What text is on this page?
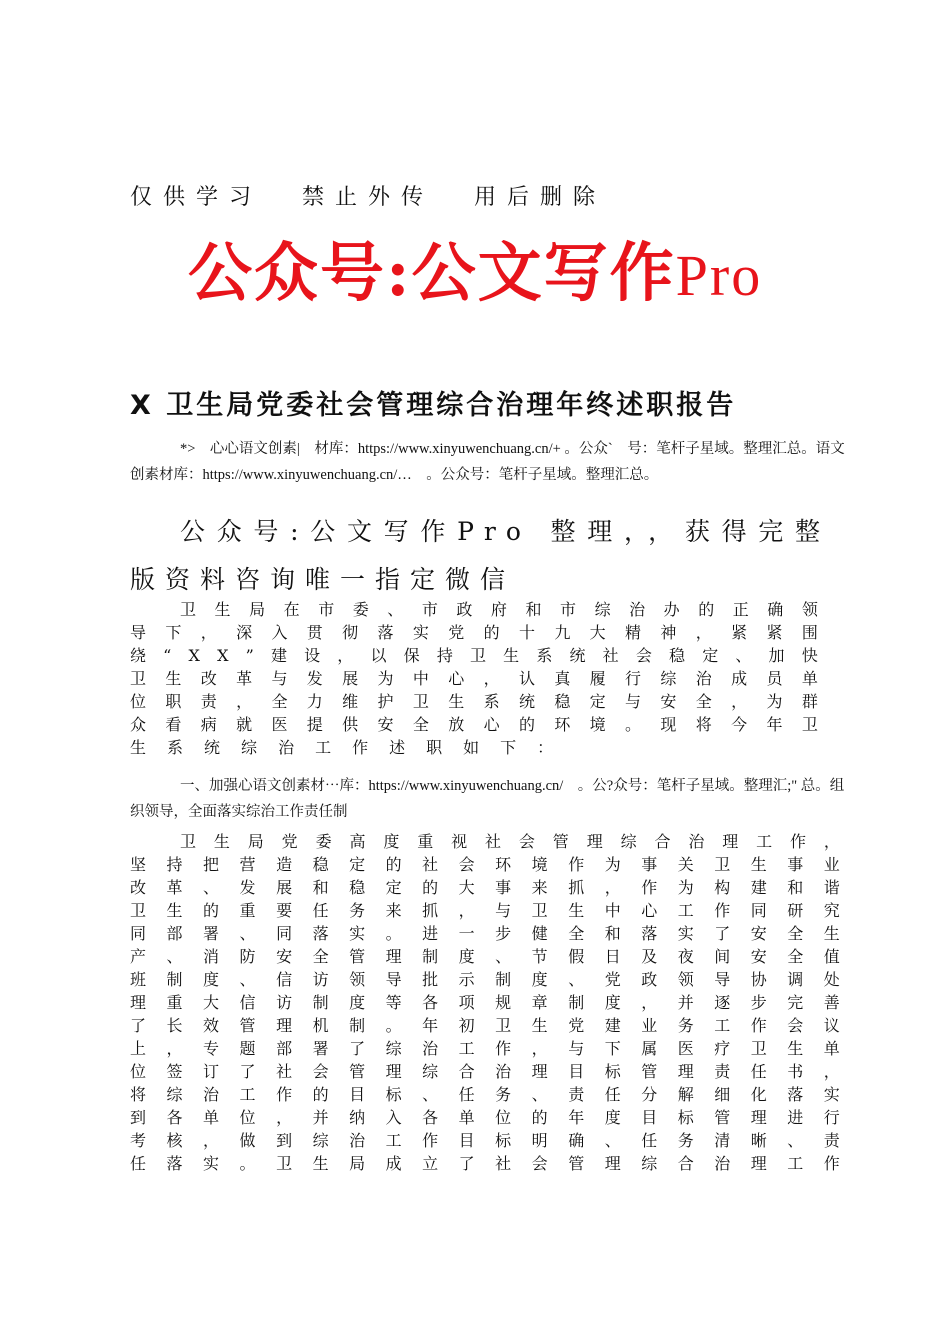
仅供学习 禁止外传 用后删除
公众号:公文写作Pro
X 卫生局党委社会管理综合治理年终述职报告
*>　心心语文创素|　材库：https://www.xinyuwenchuang.cn/+ 。公众`　号：笔杆子星域。整理汇总。语文创素材库：https://www.xinyuwenchuang.cn/…　。公众号：笔杆子星域。整理汇总。
公众号:公文写作Pro 整理，，获得完整版资料咨询唯一指定微信
卫 生 局 在 市 委 、 市 政 府 和 市 综 治 办 的 正 确 领
导 下 ， 深 入 贯 彻 落 实 党 的 十 九 大 精 神 ， 紧 紧 围
绕 “ X X ” 建 设 ， 以 保 持 卫 生 系 统 社 会 稳 定 、 加 快
卫 生 改 革 与 发 展 为 中 心 ， 认 真 履 行 综 治 成 员 单
位 职 责 ， 全 力 维 护 卫 生 系 统 稳 定 与 安 全 ， 为 群
众 看 病 就 医 提 供 安 全 放 心 的 环 境 。 现 将 今 年 卫
生 系 统 综 治 工 作 述 职 如 下 ：
一、加强心语文创素材⋯库：https://www.xinyuwenchuang.cn/　。公?众号：笔杆子星域。整理汇;" 总。组织领导，全面落实综治工作责任制
卫 生 局 党 委 高 度 重 视 社 会 管 理 综 合 治 理 工 作 ，
坚 持 把 营 造 稳 定 的 社 会 环 境 作 为 事 关 卫 生 事 业
改 革 、 发 展 和 稳 定 的 大 事 来 抓 ， 作 为 构 建 和 谐
卫 生 的 重 要 任 务 来 抓 ， 与 卫 生 中 心 工 作 同 研 究
同 部 署 、 同 落 实 。 进 一 步 健 全 和 落 实 了 安 全 生
产 、 消 防 安 全 管 理 制 度 、 节 假 日 及 夜 间 安 全 值
班 制 度 、 信 访 领 导 批 示 制 度 、 党 政 领 导 协 调 处
理 重 大 信 访 制 度 等 各 项 规 章 制 度 ， 并 逐 步 完 善
了 长 效 管 理 机 制 。 年 初 卫 生 党 建 业 务 工 作 会 议
上 ， 专 题 部 署 了 综 治 工 作 ， 与 下 属 医 疗 卫 生 单
位 签 订 了 社 会 管 理 综 合 治 理 目 标 管 理 责 任 书 ，
将 综 治 工 作 的 目 标 、 任 务 、 责 任 分 解 细 化 落 实
到 各 单 位 ， 并 纳 入 各 单 位 的 年 度 目 标 管 理 进 行
考 核 ， 做 到 综 治 工 作 目 标 明 确 、 任 务 清 晰 、 责
任 落 实 。 卫 生 局 成 立 了 社 会 管 理 综 合 治 理 工 作
